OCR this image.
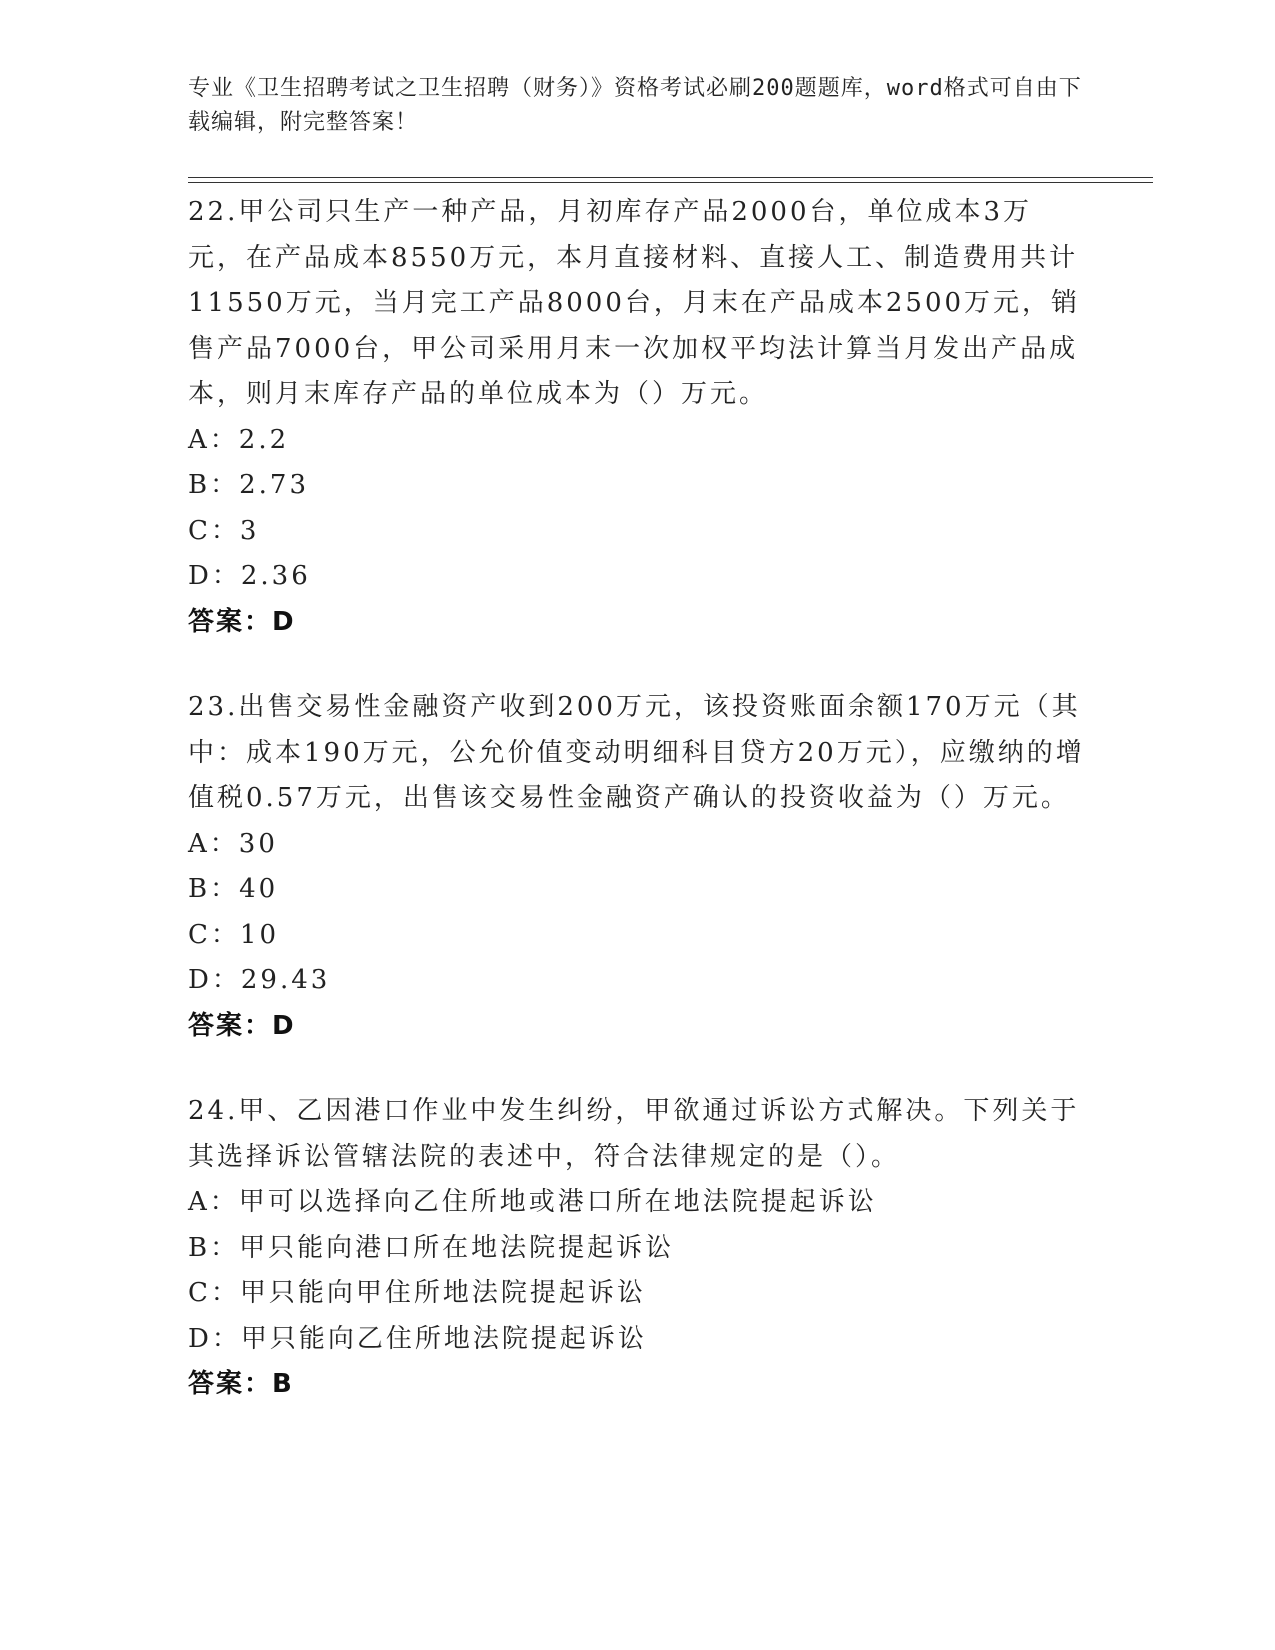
专业《卫生招聘考试之卫生招聘（财务）》资格考试必刷200题题库，word格式可自由下载编辑，附完整答案！
22.甲公司只生产一种产品，月初库存产品2000台，单位成本3万元，在产品成本8550万元，本月直接材料、直接人工、制造费用共计11550万元，当月完工产品8000台，月末在产品成本2500万元，销售产品7000台，甲公司采用月末一次加权平均法计算当月发出产品成本，则月末库存产品的单位成本为（）万元。
A：2.2
B：2.73
C：3
D：2.36
答案：D
23.出售交易性金融资产收到200万元，该投资账面余额170万元（其中：成本190万元，公允价值变动明细科目贷方20万元），应缴纳的增值税0.57万元，出售该交易性金融资产确认的投资收益为（）万元。
A：30
B：40
C：10
D：29.43
答案：D
24.甲、乙因港口作业中发生纠纷，甲欲通过诉讼方式解决。下列关于其选择诉讼管辖法院的表述中，符合法律规定的是（）。
A：甲可以选择向乙住所地或港口所在地法院提起诉讼
B：甲只能向港口所在地法院提起诉讼
C：甲只能向甲住所地法院提起诉讼
D：甲只能向乙住所地法院提起诉讼
答案：B
